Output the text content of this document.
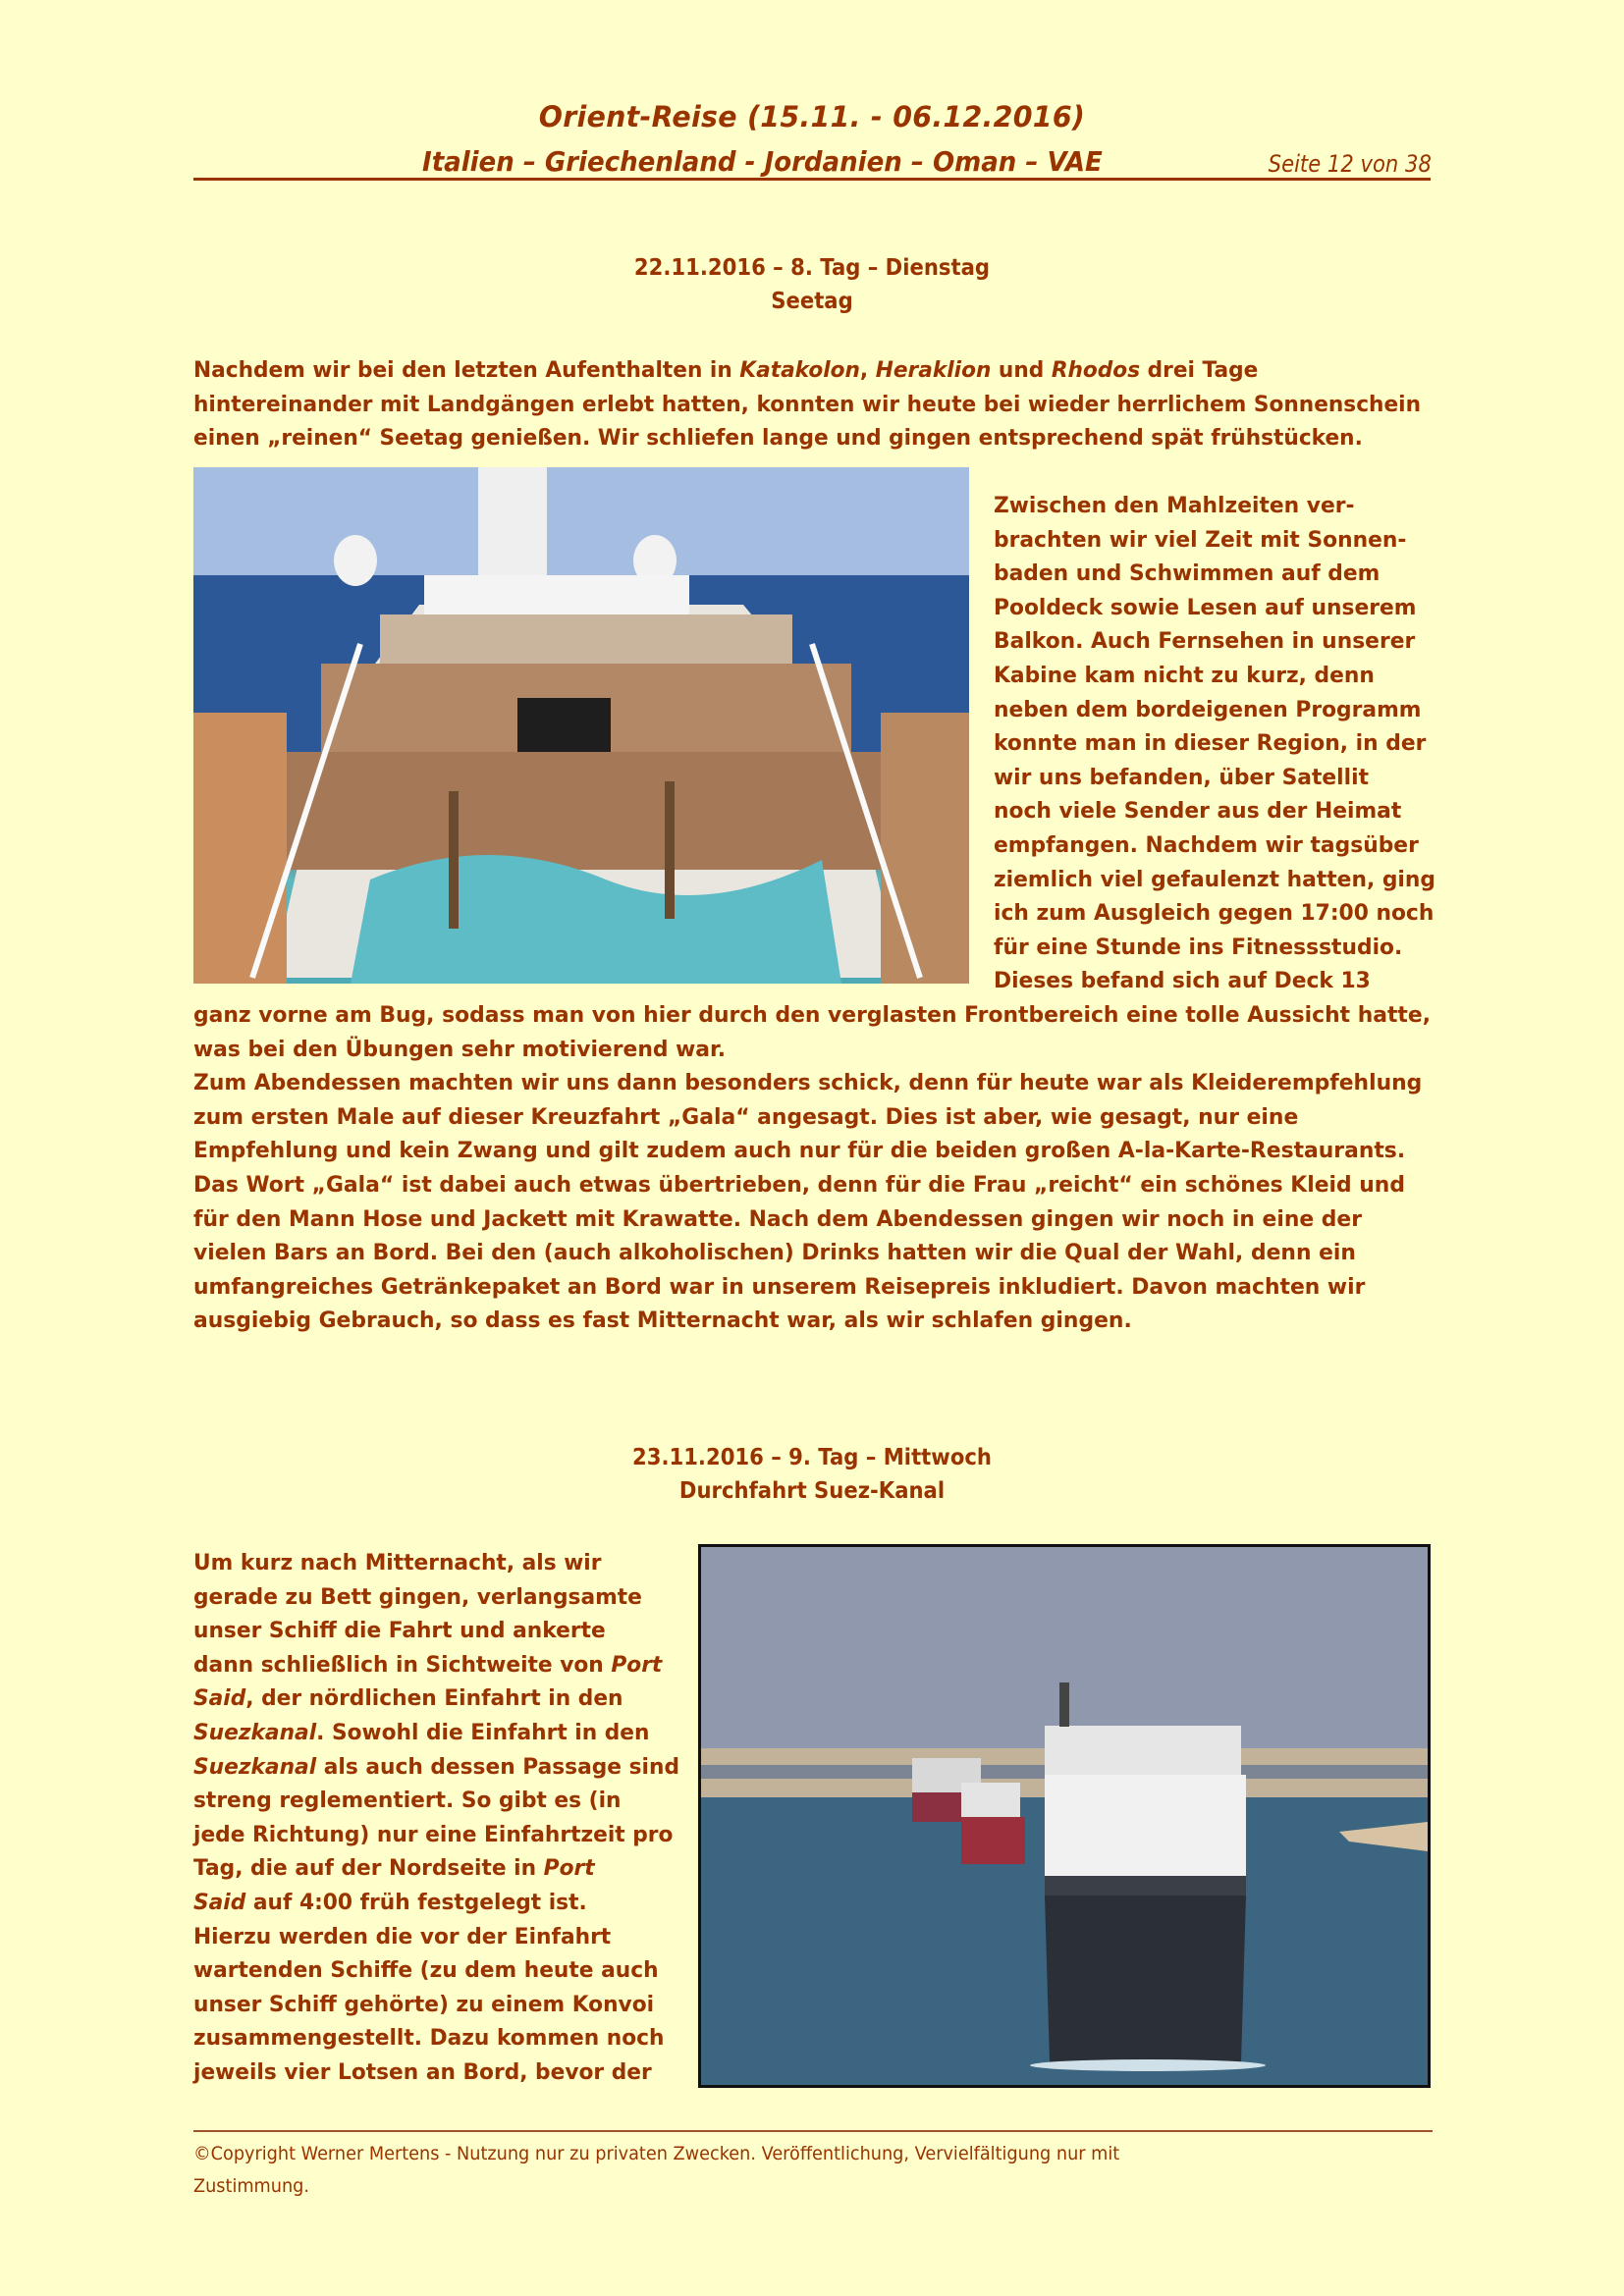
Orient-Reise (15.11. - 06.12.2016)
Italien – Griechenland - Jordanien – Oman – VAE	Seite 12 von 38
22.11.2016 – 8. Tag – Dienstag
Seetag
Nachdem wir bei den letzten Aufenthalten in Katakolon, Heraklion und Rhodos drei Tage
hintereinander mit Landgängen erlebt hatten, konnten wir heute bei wieder herrlichem Sonnenschein
einen „reinen“ Seetag genießen. Wir schliefen lange und gingen entsprechend spät frühstücken.
Zwischen den Mahlzeiten ver-
brachten wir viel Zeit mit Sonnen-
baden und Schwimmen auf dem
Pooldeck sowie Lesen auf unserem
Balkon. Auch Fernsehen in unserer
Kabine kam nicht zu kurz, denn
neben dem bordeigenen Programm
konnte man in dieser Region, in der
wir uns befanden, über Satellit
noch viele Sender aus der Heimat
empfangen. Nachdem wir tagsüber
ziemlich viel gefaulenzt hatten, ging
ich zum Ausgleich gegen 17:00 noch
für eine Stunde ins Fitnessstudio.
Dieses befand sich auf Deck 13
ganz vorne am Bug, sodass man von hier durch den verglasten Frontbereich eine tolle Aussicht hatte,
was bei den Übungen sehr motivierend war.
Zum Abendessen machten wir uns dann besonders schick, denn für heute war als Kleiderempfehlung
zum ersten Male auf dieser Kreuzfahrt „Gala“ angesagt. Dies ist aber, wie gesagt, nur eine
Empfehlung und kein Zwang und gilt zudem auch nur für die beiden großen A-la-Karte-Restaurants.
Das Wort „Gala“ ist dabei auch etwas übertrieben, denn für die Frau „reicht“ ein schönes Kleid und
für den Mann Hose und Jackett mit Krawatte. Nach dem Abendessen gingen wir noch in eine der
vielen Bars an Bord. Bei den (auch alkoholischen) Drinks hatten wir die Qual der Wahl, denn ein
umfangreiches Getränkepaket an Bord war in unserem Reisepreis inkludiert. Davon machten wir
ausgiebig Gebrauch, so dass es fast Mitternacht war, als wir schlafen gingen.
23.11.2016 – 9. Tag – Mittwoch
Durchfahrt Suez-Kanal
Um kurz nach Mitternacht, als wir
gerade zu Bett gingen, verlangsamte
unser Schiff die Fahrt und ankerte
dann schließlich in Sichtweite von Port
Said, der nördlichen Einfahrt in den
Suezkanal. Sowohl die Einfahrt in den
Suezkanal als auch dessen Passage sind
streng reglementiert. So gibt es (in
jede Richtung) nur eine Einfahrtzeit pro
Tag, die auf der Nordseite in Port
Said auf 4:00 früh festgelegt ist.
Hierzu werden die vor der Einfahrt
wartenden Schiffe (zu dem heute auch
unser Schiff gehörte) zu einem Konvoi
zusammengestellt. Dazu kommen noch
jeweils vier Lotsen an Bord, bevor der
©Copyright Werner Mertens - Nutzung nur zu privaten Zwecken. Veröffentlichung, Vervielfältigung nur mit
Zustimmung.
